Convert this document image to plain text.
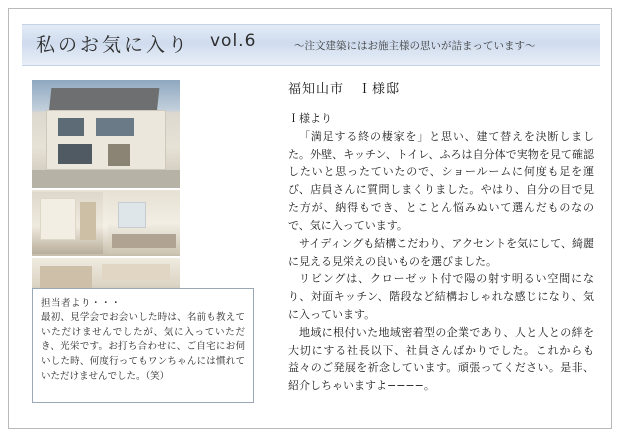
私のお気に入り vol.6	〜注文建築にはお施主様の思いが詰まっています〜
担当者より・・・
最初、見学会でお会いした時は、名前も教えていただけませんでしたが、気に入っていただき、光栄です。お打ち合わせに、ご自宅にお伺いした時、何度行ってもワンちゃんには慣れていただけませんでした。（笑）
福知山市　Ｉ様邸

Ｉ様より

「満足する終の棲家を」と思い、建て替えを決断しました。外壁、キッチン、トイレ、ふろは自分体で実物を見て確認したいと思ったていたので、ショールームに何度も足を運び、店員さんに質問しまくりました。やはり、自分の目で見た方が、納得もでき、とことん悩みぬいて選んだものなので、気に入っています。

サイディングも結構こだわり、アクセントを気にして、綺麗に見える見栄えの良いものを選びました。

リビングは、クローゼット付で陽の射す明るい空間になり、対面キッチン、階段など結構おしゃれな感じになり、気に入っています。

地域に根付いた地域密着型の企業であり、人と人との絆を大切にする社長以下、社員さんばかりでした。これからも益々のご発展を祈念しています。頑張ってください。是非、紹介しちゃいますよ−−−−。
